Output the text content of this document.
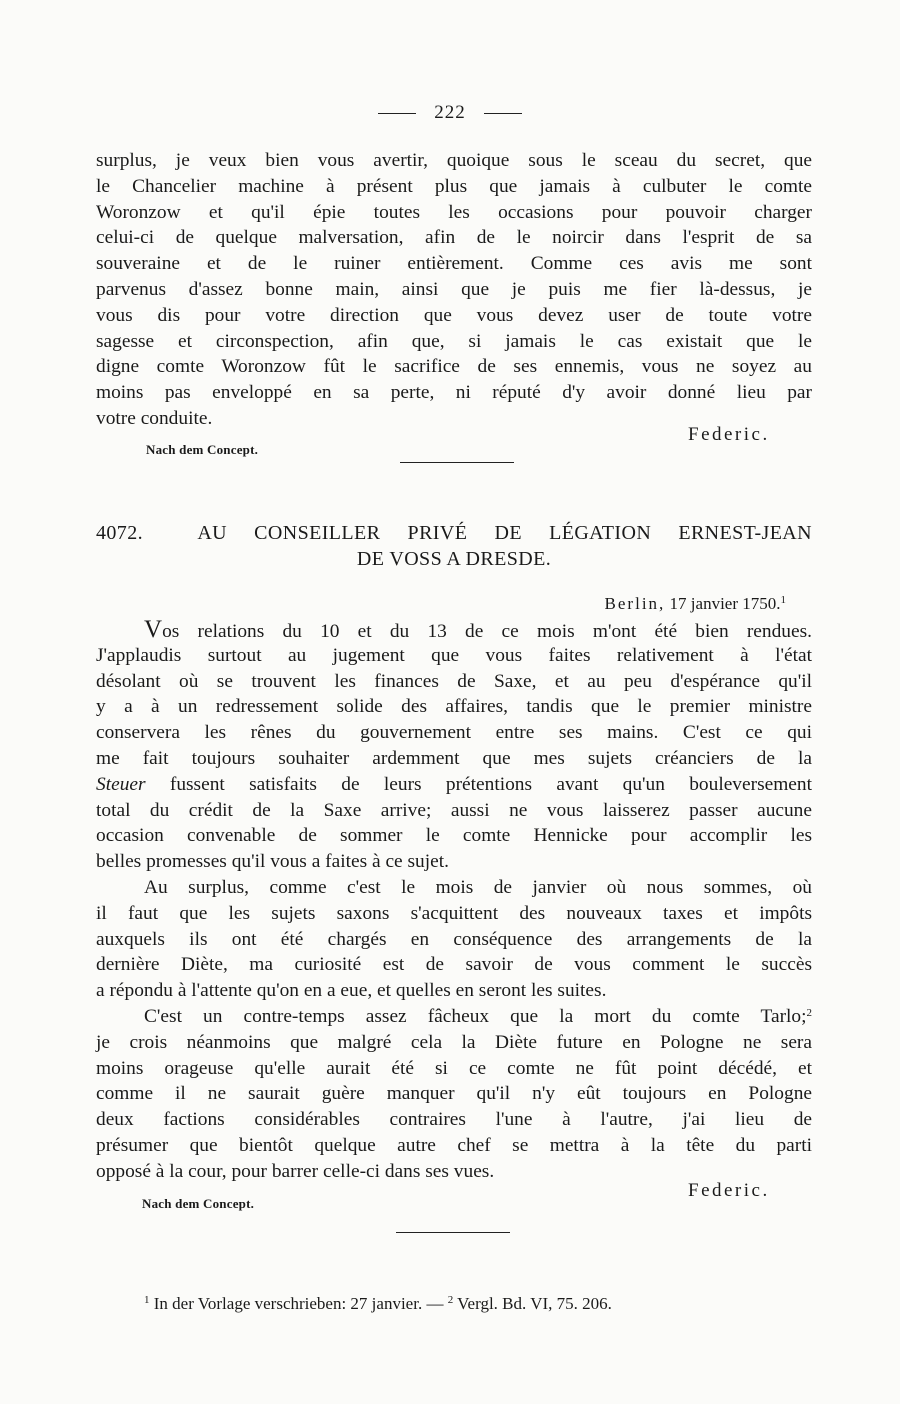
222
surplus, je veux bien vous avertir, quoique sous le sceau du secret, que
le Chancelier machine à présent plus que jamais à culbuter le comte
Woronzow et qu'il épie toutes les occasions pour pouvoir charger
celui-ci de quelque malversation, afin de le noircir dans l'esprit de sa
souveraine et de le ruiner entièrement. Comme ces avis me sont
parvenus d'assez bonne main, ainsi que je puis me fier là-dessus, je
vous dis pour votre direction que vous devez user de toute votre
sagesse et circonspection, afin que, si jamais le cas existait que le
digne comte Woronzow fût le sacrifice de ses ennemis, vous ne soyez au
moins pas enveloppé en sa perte, ni réputé d'y avoir donné lieu par
votre conduite.
Federic.
Nach dem Concept.
4072.	AU CONSEILLER PRIVÉ DE LÉGATION ERNEST-JEAN
DE VOSS A DRESDE.
Berlin, 17 janvier 1750.$^1$
Vos relations du 10 et du 13 de ce mois m'ont été bien rendues.
J'applaudis surtout au jugement que vous faites relativement à l'état
désolant où se trouvent les finances de Saxe, et au peu d'espérance qu'il
y a à un redressement solide des affaires, tandis que le premier ministre
conservera les rênes du gouvernement entre ses mains. C'est ce qui
me fait toujours souhaiter ardemment que mes sujets créanciers de la
Steuer fussent satisfaits de leurs prétentions avant qu'un bouleversement
total du crédit de la Saxe arrive; aussi ne vous laisserez passer aucune
occasion convenable de sommer le comte Hennicke pour accomplir les
belles promesses qu'il vous a faites à ce sujet.
Au surplus, comme c'est le mois de janvier où nous sommes, où
il faut que les sujets saxons s'acquittent des nouveaux taxes et impôts
auxquels ils ont été chargés en conséquence des arrangements de la
dernière Diète, ma curiosité est de savoir de vous comment le succès
a répondu à l'attente qu'on en a eue, et quelles en seront les suites.
C'est un contre-temps assez fâcheux que la mort du comte Tarlo;$^2$
je crois néanmoins que malgré cela la Diète future en Pologne ne sera
moins orageuse qu'elle aurait été si ce comte ne fût point décédé, et
comme il ne saurait guère manquer qu'il n'y eût toujours en Pologne
deux factions considérables contraires l'une à l'autre, j'ai lieu de
présumer que bientôt quelque autre chef se mettra à la tête du parti
opposé à la cour, pour barrer celle-ci dans ses vues.
Federic.
Nach dem Concept.
$^1$ In der Vorlage verschrieben: 27 janvier. — $^2$ Vergl. Bd. VI, 75. 206.
